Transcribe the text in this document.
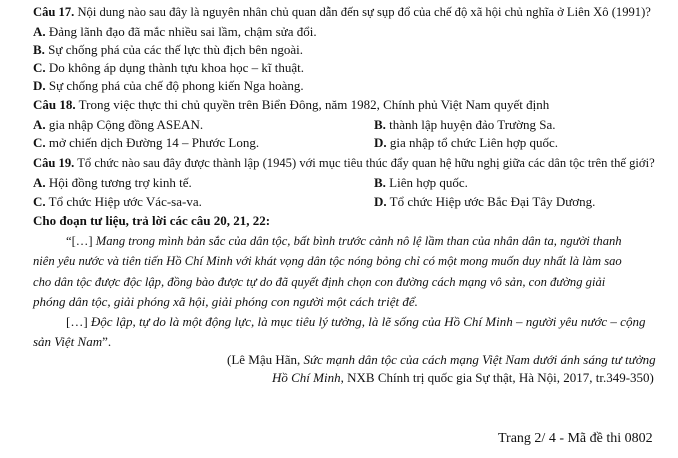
Câu 17. Nội dung nào sau đây là nguyên nhân chủ quan dẫn đến sự sụp đổ của chế độ xã hội chủ nghĩa ở Liên Xô (1991)?
A. Đảng lãnh đạo đã mắc nhiều sai lầm, chậm sửa đổi.
B. Sự chống phá của các thế lực thù địch bên ngoài.
C. Do không áp dụng thành tựu khoa học – kĩ thuật.
D. Sự chống phá của chế độ phong kiến Nga hoàng.
Câu 18. Trong việc thực thi chủ quyền trên Biển Đông, năm 1982, Chính phủ Việt Nam quyết định
A. gia nhập Cộng đồng ASEAN.	B. thành lập huyện đảo Trường Sa.
C. mở chiến dịch Đường 14 – Phước Long.	D. gia nhập tổ chức Liên hợp quốc.
Câu 19. Tổ chức nào sau đây được thành lập (1945) với mục tiêu thúc đẩy quan hệ hữu nghị giữa các dân tộc trên thế giới?
A. Hội đồng tương trợ kinh tế.	B. Liên hợp quốc.
C. Tổ chức Hiệp ước Vác-sa-va.	D. Tổ chức Hiệp ước Bắc Đại Tây Dương.
Cho đoạn tư liệu, trả lời các câu 20, 21, 22:
“[…] Mang trong mình bản sắc của dân tộc, bất bình trước cảnh nô lệ lầm than của nhân dân ta, người thanh
niên yêu nước và tiên tiến Hồ Chí Minh với khát vọng dân tộc nóng bỏng chỉ có một mong muốn duy nhất là làm sao
cho dân tộc được độc lập, đồng bào được tự do đã quyết định chọn con đường cách mạng vô sản, con đường giải
phóng dân tộc, giải phóng xã hội, giải phóng con người một cách triệt để.
[…] Độc lập, tự do là một động lực, là mục tiêu lý tưởng, là lẽ sống của Hồ Chí Minh – người yêu nước – cộng
sản Việt Nam”.
(Lê Mậu Hãn, Sức mạnh dân tộc của cách mạng Việt Nam dưới ánh sáng tư tưởng
Hồ Chí Minh, NXB Chính trị quốc gia Sự thật, Hà Nội, 2017, tr.349-350)
Trang 2/ 4 - Mã đề thi 0802
